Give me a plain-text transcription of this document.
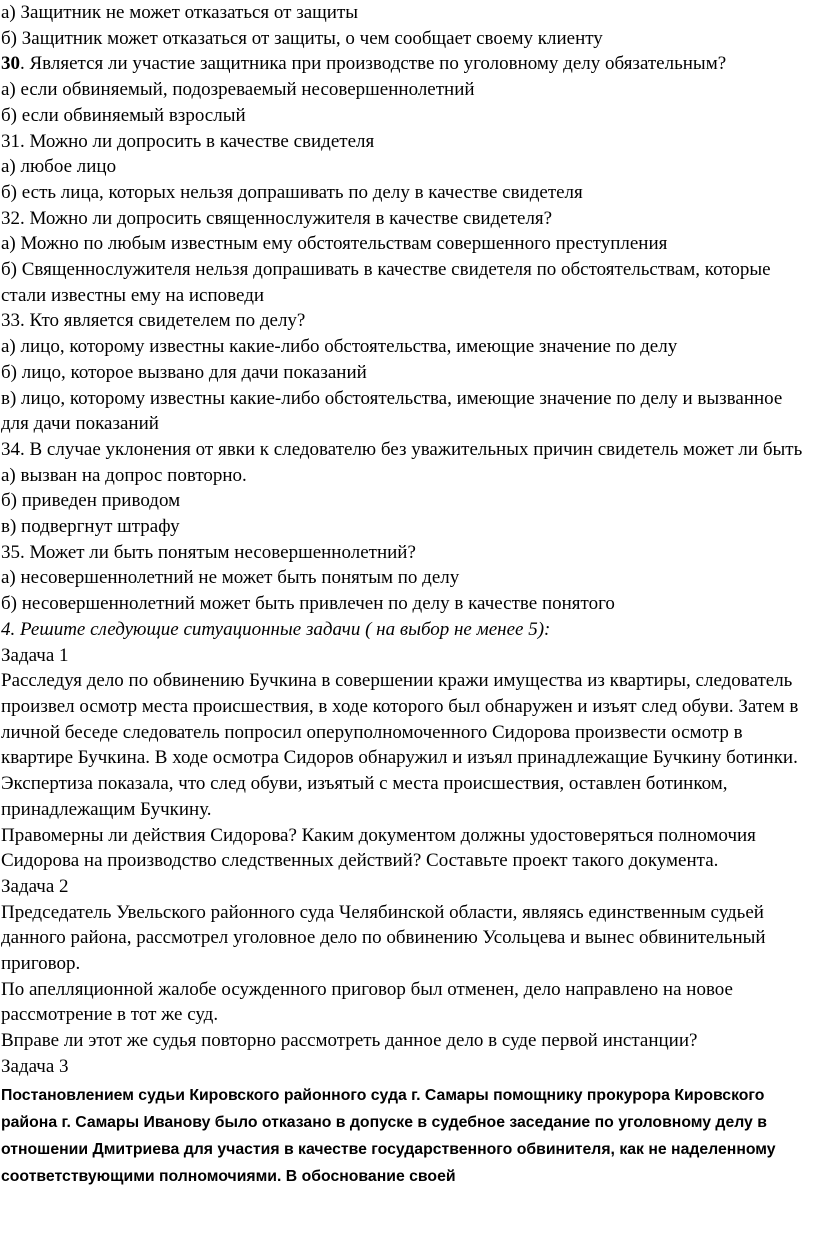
а) Защитник не может отказаться от защиты
б) Защитник может отказаться от защиты, о чем сообщает своему клиенту
30. Является ли участие защитника при производстве по уголовному делу обязательным?
а) если обвиняемый, подозреваемый несовершеннолетний
б) если обвиняемый взрослый
31. Можно ли допросить в качестве свидетеля
а) любое лицо
б) есть лица, которых нельзя допрашивать по делу в качестве свидетеля
32. Можно ли допросить священнослужителя в качестве свидетеля?
а) Можно по любым известным ему обстоятельствам совершенного преступления
б) Священнослужителя нельзя допрашивать в качестве свидетеля по обстоятельствам, которые стали известны ему на исповеди
33. Кто является свидетелем по делу?
а) лицо, которому известны какие-либо обстоятельства, имеющие значение по делу
б) лицо, которое вызвано для дачи показаний
в) лицо, которому известны какие-либо обстоятельства, имеющие значение по делу и вызванное для дачи показаний
34. В случае уклонения от явки к следователю без уважительных причин свидетель может ли быть
а) вызван на допрос повторно.
б) приведен приводом
в) подвергнут штрафу
35. Может ли быть понятым несовершеннолетний?
а) несовершеннолетний не может быть понятым по делу
б) несовершеннолетний может быть привлечен по делу в качестве понятого
4. Решите следующие ситуационные задачи ( на выбор не менее 5):
Задача 1
Расследуя дело по обвинению Бучкина в совершении кражи имущества из квартиры, следователь произвел осмотр места происшествия, в ходе которого был обнаружен и изъят след обуви. Затем в личной беседе следователь попросил оперуполномоченного Сидорова произвести осмотр в квартире Бучкина. В ходе осмотра Сидоров обнаружил и изъял принадлежащие Бучкину ботинки. Экспертиза показала, что след обуви, изъятый с места происшествия, оставлен ботинком, принадлежащим Бучкину.
Правомерны ли действия Сидорова? Каким документом должны удостоверяться полномочия Сидорова на производство следственных действий? Составьте проект такого документа.
Задача 2
Председатель Увельского районного суда Челябинской области, являясь единственным судьей данного района, рассмотрел уголовное дело по обвинению Усольцева и вынес обвинительный приговор.
По апелляционной жалобе осужденного приговор был отменен, дело направлено на новое рассмотрение в тот же суд.
Вправе ли этот же судья повторно рассмотреть данное дело в суде первой инстанции?
Задача 3
Постановлением судьи Кировского районного суда г. Самары помощнику прокурора Кировского района г. Самары Иванову было отказано в допуске в судебное заседание по уголовному делу в отношении Дмитриева для участия в качестве государственного обвинителя, как не наделенному соответствующими полномочиями. В обоснование своей
